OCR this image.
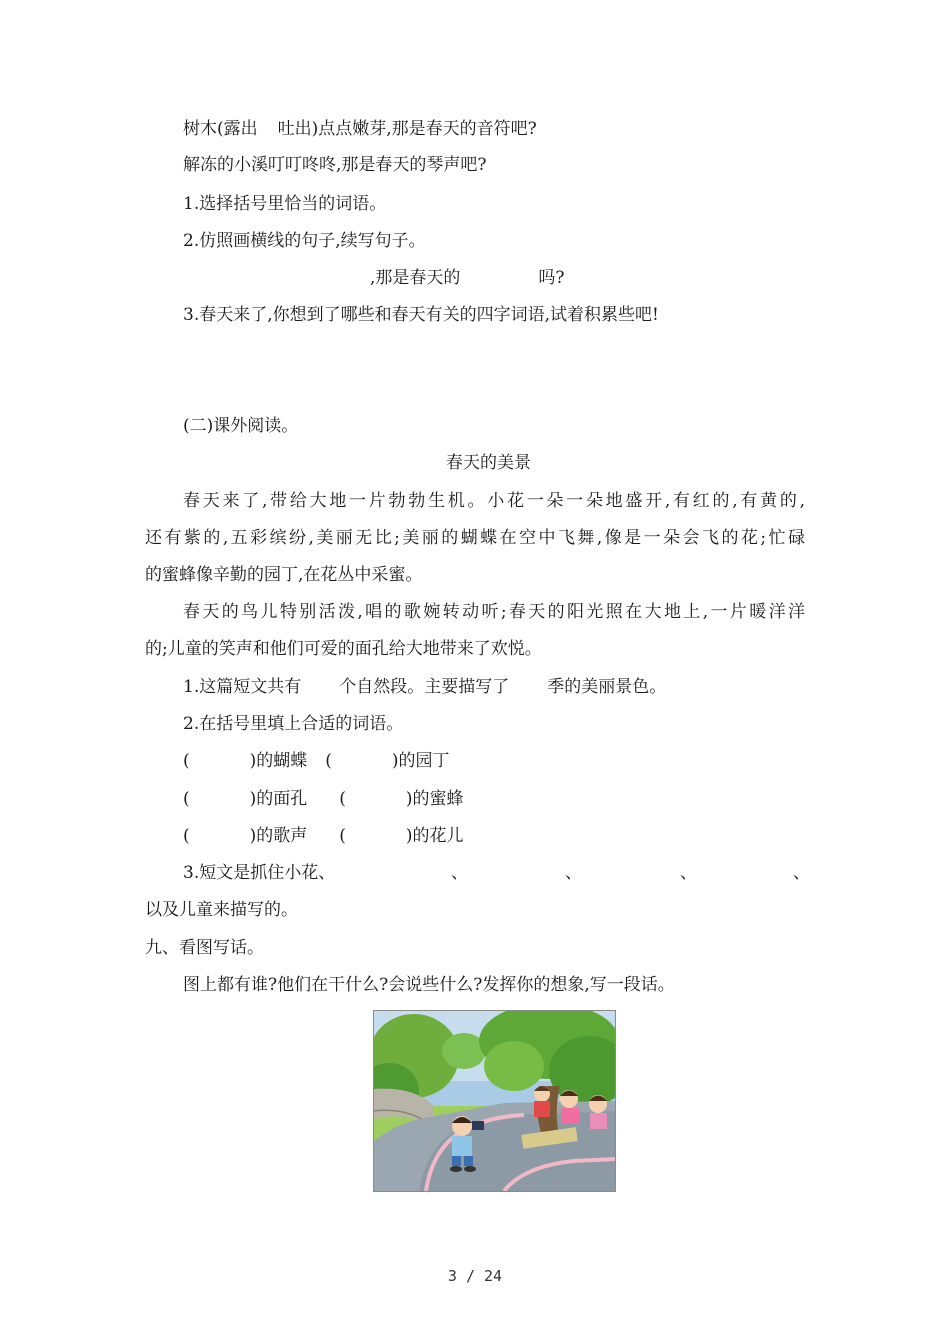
树木(露出 吐出)点点嫩芽,那是春天的音符吧?
解冻的小溪叮叮咚咚,那是春天的琴声吧?
1.选择括号里恰当的词语。
2.仿照画横线的句子,续写句子。
,那是春天的	吗?
3.春天来了,你想到了哪些和春天有关的四字词语,试着积累些吧!
(二)课外阅读。
春天的美景
春天来了,带给大地一片勃勃生机。小花一朵一朵地盛开,有红的,有黄的,
还有紫的,五彩缤纷,美丽无比;美丽的蝴蝶在空中飞舞,像是一朵会飞的花;忙碌
的蜜蜂像辛勤的园丁,在花丛中采蜜。
春天的鸟儿特别活泼,唱的歌婉转动听;春天的阳光照在大地上,一片暖洋洋
的;儿童的笑声和他们可爱的面孔给大地带来了欢悦。
1.这篇短文共有 个自然段。主要描写了 季的美丽景色。
2.在括号里填上合适的词语。
(	)的蝴蝶 (	)的园丁
(	)的面孔 (	)的蜜蜂
(	)的歌声 (	)的花儿
3.短文是抓住小花、	、	、	、	、
以及儿童来描写的。
九、看图写话。
图上都有谁?他们在干什么?会说些什么?发挥你的想象,写一段话。
3 / 24
